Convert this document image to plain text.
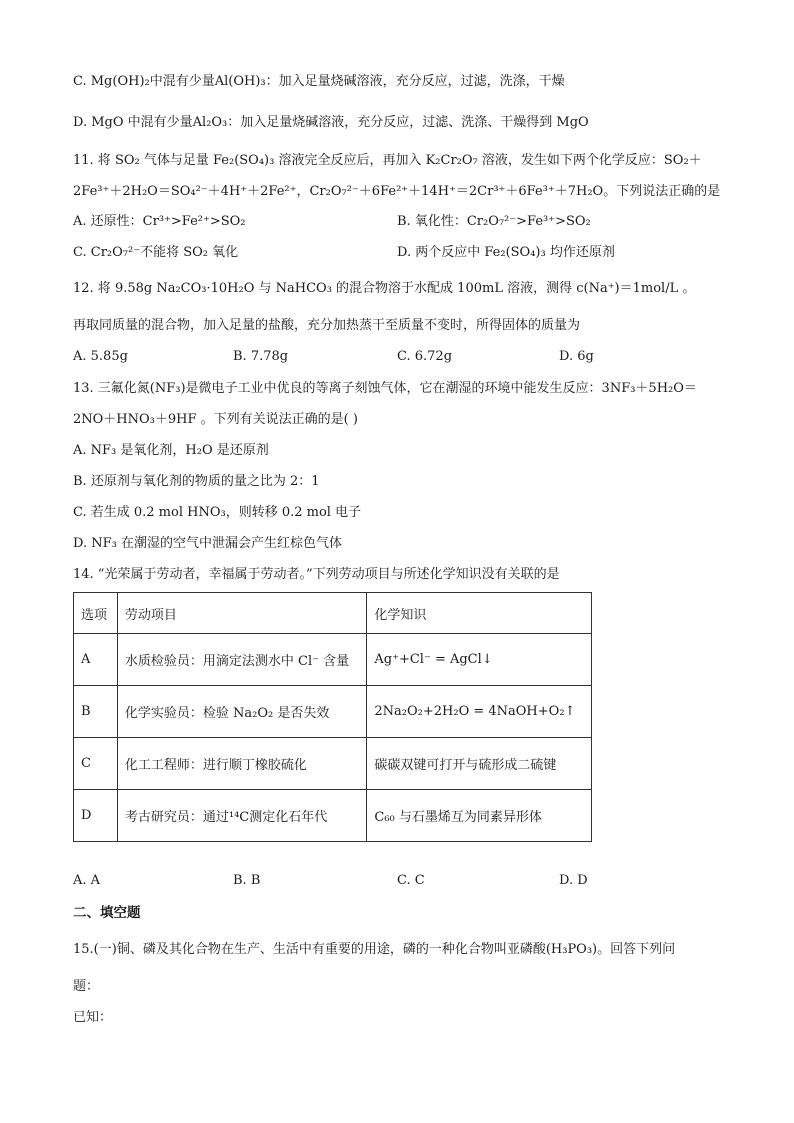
C. Mg(OH)₂中混有少量Al(OH)₃：加入足量烧碱溶液，充分反应，过滤，洗涤，干燥
D. MgO 中混有少量Al₂O₃：加入足量烧碱溶液，充分反应，过滤、洗涤、干燥得到 MgO
11. 将 SO₂ 气体与足量 Fe₂(SO₄)₃ 溶液完全反应后，再加入 K₂Cr₂O₇ 溶液，发生如下两个化学反应：SO₂＋
2Fe³⁺＋2H₂O＝SO₄²⁻＋4H⁺＋2Fe²⁺，Cr₂O₇²⁻＋6Fe²⁺＋14H⁺＝2Cr³⁺＋6Fe³⁺＋7H₂O。下列说法正确的是
A. 还原性：Cr³⁺>Fe²⁺>SO₂	B. 氧化性：Cr₂O₇²⁻>Fe³⁺>SO₂
C. Cr₂O₇²⁻不能将 SO₂ 氧化	D. 两个反应中 Fe₂(SO₄)₃ 均作还原剂
12. 将 9.58g Na₂CO₃·10H₂O 与 NaHCO₃ 的混合物溶于水配成 100mL 溶液，测得 c(Na⁺)＝1mol/L 。
再取同质量的混合物，加入足量的盐酸，充分加热蒸干至质量不变时，所得固体的质量为
A. 5.85g	B. 7.78g	C. 6.72g	D. 6g
13. 三氟化氮(NF₃)是微电子工业中优良的等离子刻蚀气体，它在潮湿的环境中能发生反应：3NF₃＋5H₂O＝
2NO＋HNO₃＋9HF 。下列有关说法正确的是( )
A. NF₃ 是氧化剂，H₂O 是还原剂
B. 还原剂与氧化剂的物质的量之比为 2：1
C. 若生成 0.2 mol HNO₃，则转移 0.2 mol 电子
D. NF₃ 在潮湿的空气中泄漏会产生红棕色气体
14. “光荣属于劳动者，幸福属于劳动者。”下列劳动项目与所述化学知识没有关联的是
选项	劳动项目	化学知识
A	水质检验员：用滴定法测水中 Cl⁻ 含量	Ag⁺+Cl⁻ = AgCl↓
B	化学实验员：检验 Na₂O₂ 是否失效	2Na₂O₂+2H₂O = 4NaOH+O₂↑
C	化工工程师：进行顺丁橡胶硫化	碳碳双键可打开与硫形成二硫键
D	考古研究员：通过¹⁴C测定化石年代	C₆₀ 与石墨烯互为同素异形体
A. A	B. B	C. C	D. D
二、填空题
15.(一)铜、磷及其化合物在生产、生活中有重要的用途，磷的一种化合物叫亚磷酸(H₃PO₃)。回答下列问
题：
已知：
